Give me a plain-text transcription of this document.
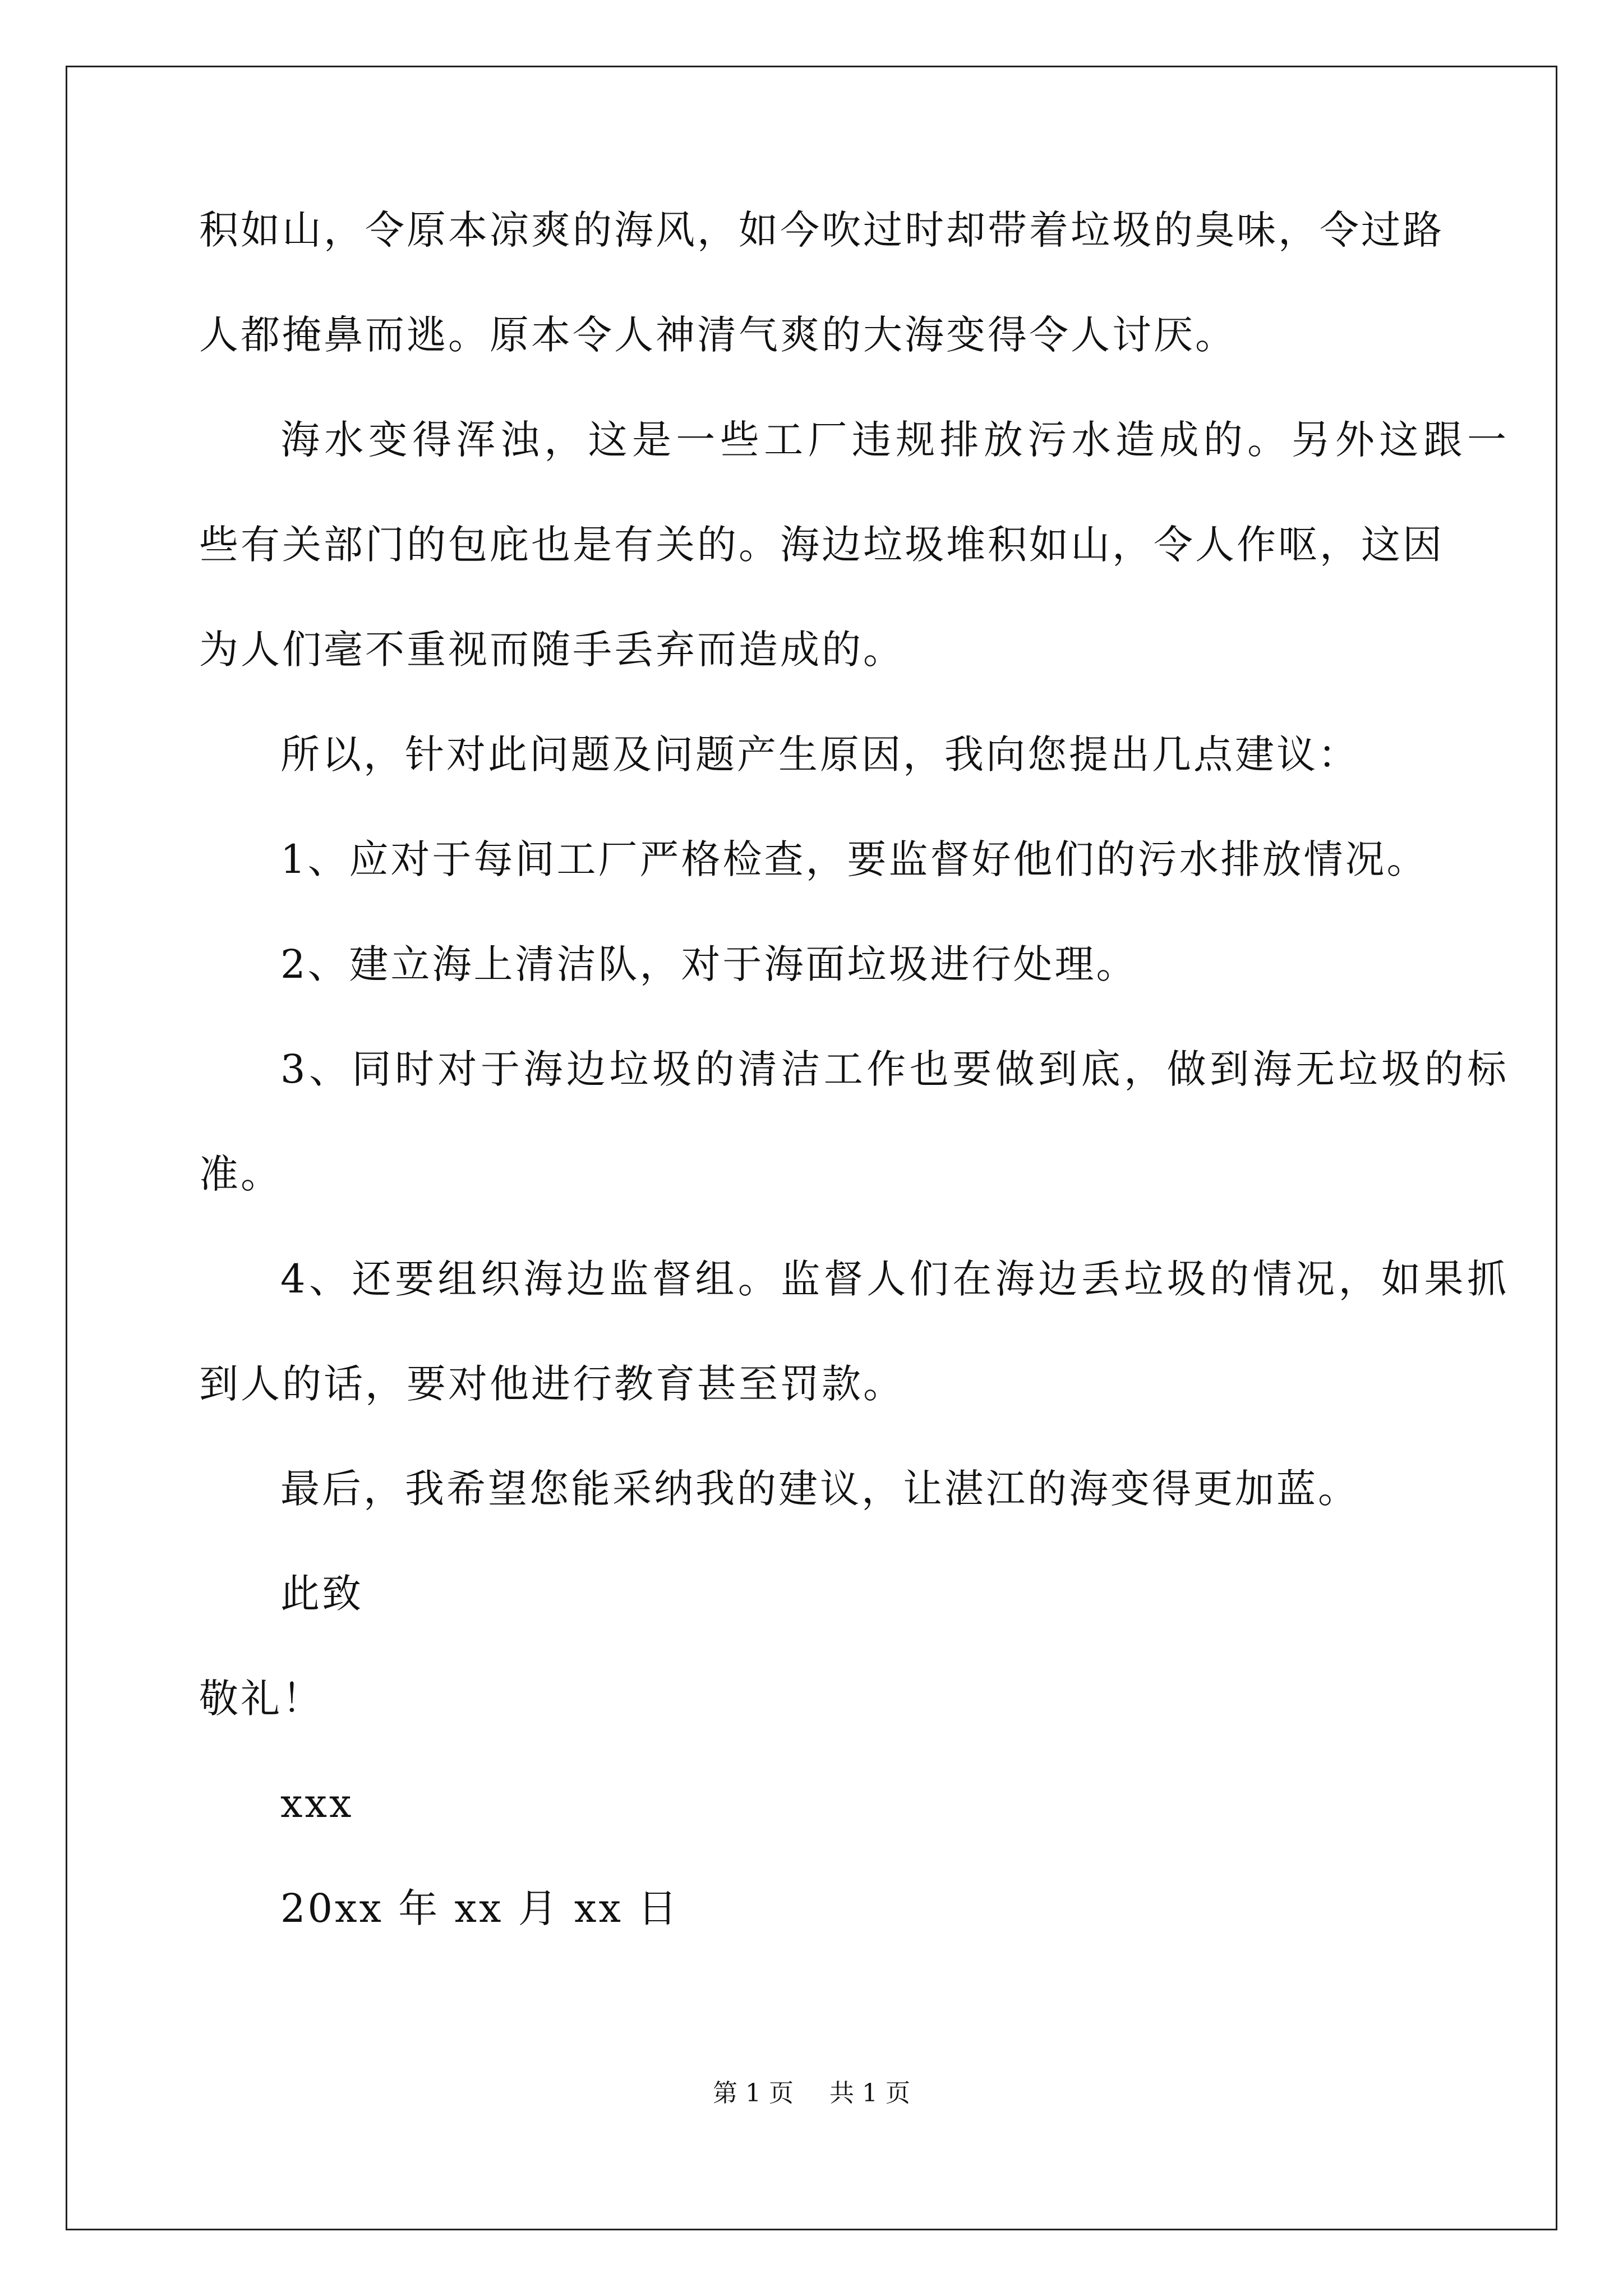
积如山，令原本凉爽的海风，如今吹过时却带着垃圾的臭味，令过路
人都掩鼻而逃。原本令人神清气爽的大海变得令人讨厌。
海水变得浑浊，这是一些工厂违规排放污水造成的。另外这跟一
些有关部门的包庇也是有关的。海边垃圾堆积如山，令人作呕，这因
为人们毫不重视而随手丢弃而造成的。
所以，针对此问题及问题产生原因，我向您提出几点建议：
1、应对于每间工厂严格检查，要监督好他们的污水排放情况。
2、建立海上清洁队，对于海面垃圾进行处理。
3、同时对于海边垃圾的清洁工作也要做到底，做到海无垃圾的标
准。
4、还要组织海边监督组。监督人们在海边丢垃圾的情况，如果抓
到人的话，要对他进行教育甚至罚款。
最后，我希望您能采纳我的建议，让湛江的海变得更加蓝。
此致
敬礼！
xxx
20xx 年 xx 月 xx 日
第 1 页 共 1 页
